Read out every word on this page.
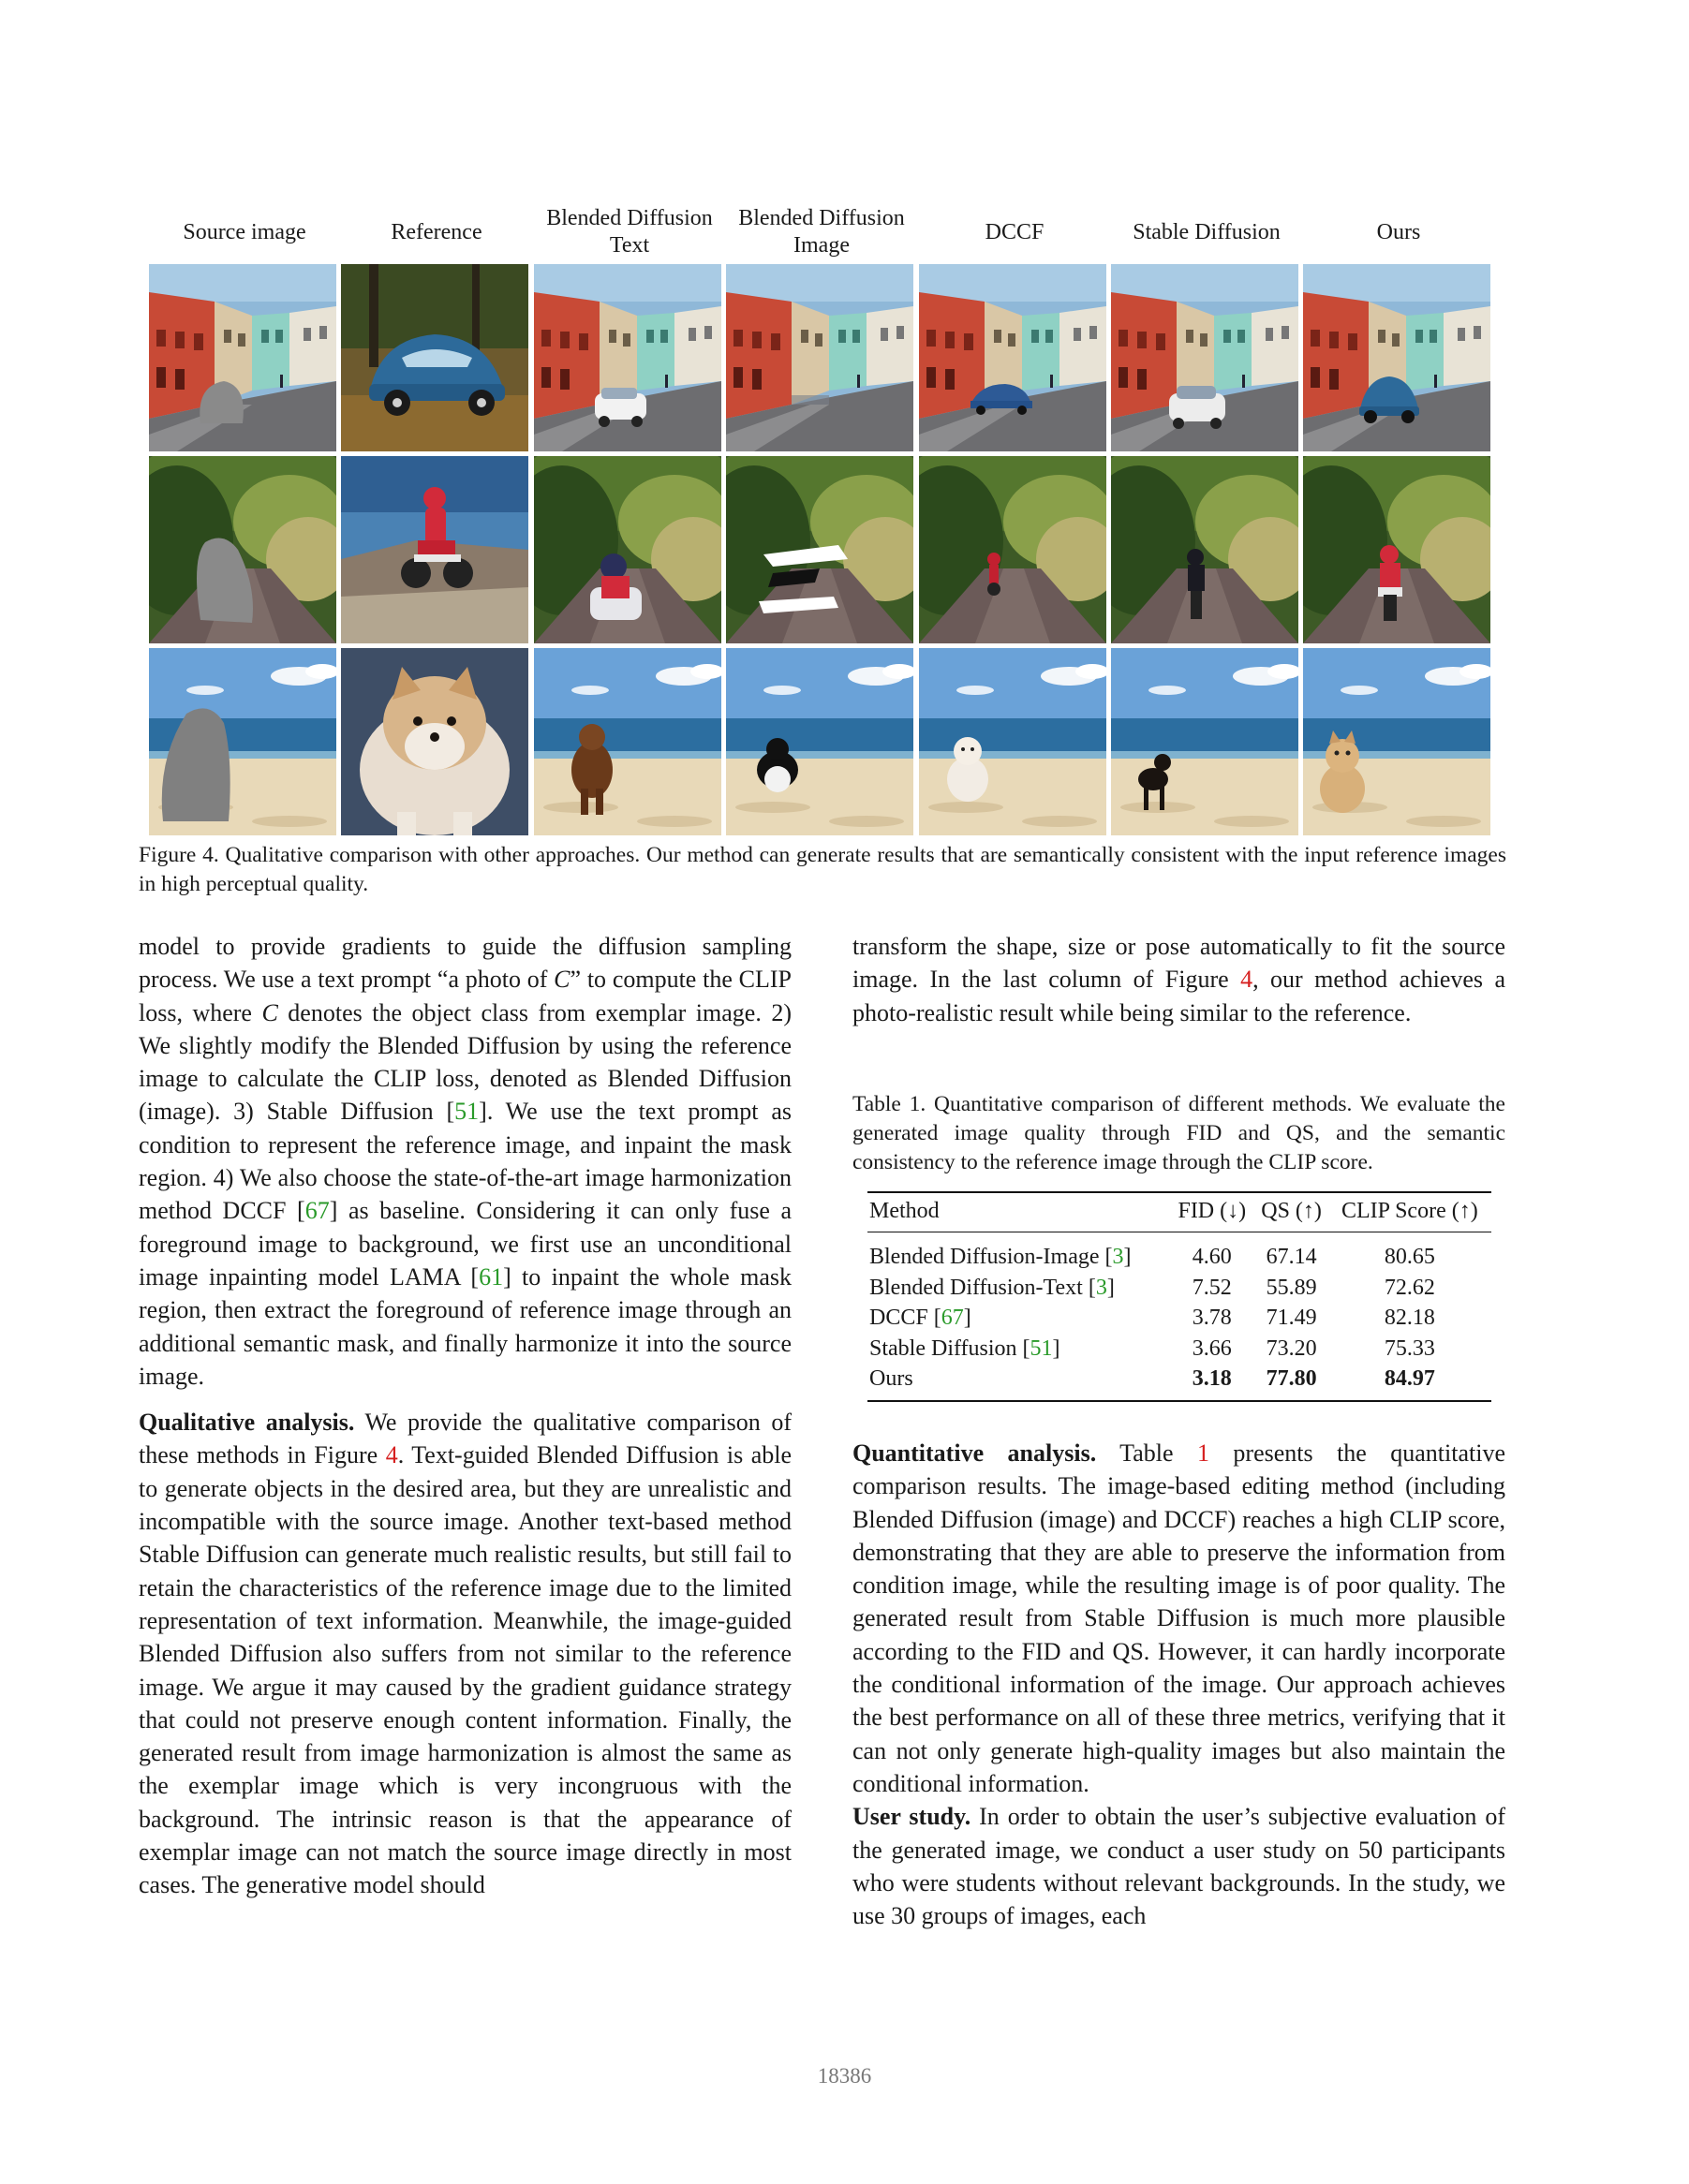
Source image	Reference
Blended Diffusion
Text
Blended Diffusion
Image
DCCF	Stable Diffusion	Ours
Figure 4. Qualitative comparison with other approaches. Our method can generate results that are semantically consistent with the input reference images in high perceptual quality.

model to provide gradients to guide the diffusion sampling process. We use a text prompt “a photo of C” to compute the CLIP loss, where C denotes the object class from exemplar image. 2) We slightly modify the Blended Diffusion by using the reference image to calculate the CLIP loss, denoted as Blended Diffusion (image). 3) Stable Diffusion [51]. We use the text prompt as condition to represent the reference image, and inpaint the mask region. 4) We also choose the state-of-the-art image harmonization method DCCF [67] as baseline. Considering it can only fuse a foreground image to background, we first use an unconditional image inpainting model LAMA [61] to inpaint the whole mask region, then extract the foreground of reference image through an additional semantic mask, and finally harmonize it into the source image.

Qualitative analysis. We provide the qualitative comparison of these methods in Figure 4. Text-guided Blended Diffusion is able to generate objects in the desired area, but they are unrealistic and incompatible with the source image. Another text-based method Stable Diffusion can generate much realistic results, but still fail to retain the characteristics of the reference image due to the limited representation of text information. Meanwhile, the image-guided Blended Diffusion also suffers from not similar to the reference image. We argue it may caused by the gradient guidance strategy that could not preserve enough content information. Finally, the generated result from image harmonization is almost the same as the exemplar image which is very incongruous with the background. The intrinsic reason is that the appearance of exemplar image can not match the source image directly in most cases. The generative model should

transform the shape, size or pose automatically to fit the source image. In the last column of Figure 4, our method achieves a photo-realistic result while being similar to the reference.

Table 1. Quantitative comparison of different methods. We evaluate the generated image quality through FID and QS, and the semantic consistency to the reference image through the CLIP score.
Method	FID (↓)	QS (↑)	CLIP Score (↑)
Blended Diffusion-Image [3]	4.60	67.14	80.65
Blended Diffusion-Text [3]	7.52	55.89	72.62
DCCF [67]	3.78	71.49	82.18
Stable Diffusion [51]	3.66	73.20	75.33
Ours	3.18	77.80	84.97

Quantitative analysis. Table 1 presents the quantitative comparison results. The image-based editing method (including Blended Diffusion (image) and DCCF) reaches a high CLIP score, demonstrating that they are able to preserve the information from condition image, while the resulting image is of poor quality. The generated result from Stable Diffusion is much more plausible according to the FID and QS. However, it can hardly incorporate the conditional information of the image. Our approach achieves the best performance on all of these three metrics, verifying that it can not only generate high-quality images but also maintain the conditional information.

User study. In order to obtain the user’s subjective evaluation of the generated image, we conduct a user study on 50 participants who were students without relevant backgrounds. In the study, we use 30 groups of images, each

18386
